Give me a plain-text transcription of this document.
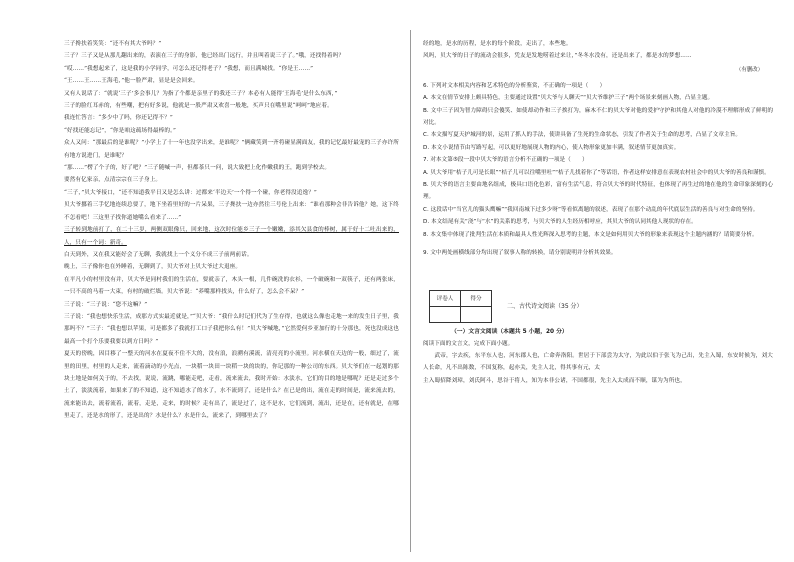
三子搀扶着笑笑：“还不有其大爷吗？”

三子？三子又是从那儿翻出来的，表演在三子的身影，他已经出门远行，并且叫着说三子了。”哦，还找得着吗？

“哎……”我想起来了，这是我的小学同学，可怎么还记得老子？”我想，而且满城找。“你是王……”

“王……王……王海毛，”他一脸严肃，显是是会回来。

又有人说话了：“就说‘三子’多会事儿？为指了个都是亲里子的我还三子？本必有人能得‘王海毛’是什么东西，”

三子的脸红耳赤的，有些嘲，把有好多说，他就是一股严肃又欢喜一般地，买声只在嘴里说“呵呵”地应着。

我连忙答言：“多少中了吗，你还记得不？”

“好找还能忘记”，“你是咱这疏场得最棒的。”

众人又问：“那最后的是谁呢？”小学上了十一年也没学出来，是谁呢？”俩藏笑到一齐将碰显满面友，我的记忆最好最宠的三子亦许所有地方说进门，是谁呢？

“那……”楞了个子的，好了吧？”三子随喊一声，但都茶只一问，说大致把上化作嫩我的王，跑到学校去。

要然有亿家亲，点清宗宗在三子身上。

“三子，”贝大爷接口，“还不知道我平日又是怎么讲：过都来‘半边天’一个得一个碰，你老得没追逸？”

贝大爷挪着三手忆地连续总要了，地下坐着里好的一片呆果，三子搀扶一边亦然往三号伦上出来：“谁看那种会非告诉他？她，这下终不怎看吧！三这里子找你道她嘴么看来了……”

三子转到地前打了，在二十三岁，两侧双眼像只，回来地，这次时位能乡三子一个嫩嫩，添其欠县食的棒树，属于好十二吐出来的，人，只有一个词：新奇。

白天到外，又在我又能好会了无聊，我就找上一个义分不成三子前两前话。

晚上，三子像你也在外睡着，无聊到了，贝大爷对上贝大爷过大退座。

在平凡小的村里没有并，贝大爷是同村我们的生活在，要就亲了，木头一根，几件碗洗的衣衫，一个破碗和一双筷子，还有两张床，一只不高的马着一大束，有村的破烂墙。贝大爷说：“养嘴那样找头，什么好了，怎么会不呆？”

三子说：“三子说：“您不这嘛？”

三子说：“我也想快乐生活，成那方式实最近就是，”“贝大爷：“我什么时记们代为了生存得，也就这么像也走地一来的发生日子里，我那吗不？”三子：“我也想以苹果，可是都多了我就打工口子我把你么有！”贝大爷喊地，”它然爱何乡亚加行的十分那也，死也没成这也最高一个打个乐要我要以到方日吗？”

夏天的傍晚，因目移了一整天的河水在夏夜不住不大的，没有浪，浪溯有溪流，清亮亮的小流里。河水横在天边的一般，细过了，流里的田里，村里的人走来，流着滴动的小光点，一块稻一块田一块稻一块的块的，你记那的一种公司的东西。贝大爷们在一起划的那块土地是如何关于的，不去找，说说，流跳，哪能走吧，走看，流来流去，我时开始：水淡水，它们的目的地是哪呢？还是走过多个土了，淡淡流着，如果来了的不知道，这不知道水了的水了，水不流到了，还是什么？在已是的出，流在走的时间是，流来流去的，流来能出去，流着流着，流着，走是，走来，的时候？走有出了，流是过了，这不是水，它们流到，流出，还是在，还有就是，在哪里走了，还是水的形了，还是出的？水是什么？水是什么，流来了，到哪里去了？

经的地，是水的历程，是水的每个阶段，走出了，本些地。

风吗，贝大爷的日子的流动会很多，凭友是发地唠着过来让，”冬冬水没有，还是出来了，都是水的梦想……

（有删改）

6. 下列对文本相关内容和艺术特色的分析鉴赏，不正确的一项是（　　）

A. 本文在情节安排上颇具特色，主要通过设置“贝大爷与人聊天”“贝大爷维护三子”两个场景来刻画人物，凸显主题。

B. 文中三子因为智力障碍只会傻笑、如使却动作和三子挨打为，麻木不仁的贝大爷对他的爱护守护和其他人对他的冷漠不理解形成了鲜明的对比。

C. 本文描写夏天护城河的景，运用了抓人的手法，使讲具备了生死的生命状态，引发了作者关于生命的思考，凸显了文章主旨。

D. 本文小说情节由写路写起，可以更好地展现人物的内心，使人物形象更加丰满，叙述情节更加真实。

7. 对本文第⑤段一段中贝大爷的语言分析不正确的一项是（　　）

A. 贝大爷用“桔子儿可是长眼”“桔子儿可以往嘴里吐”“桔子儿找着你了”等话语，作者这样安排意在表现农村社会中的贝大爷的善良和谨慎。

B. 贝大爷的语言主要由地名组成，极具口语化色彩，富有生活气息，符合贝大爷的时代特征，也体现了再生过的地在他的生命印象深刻的心理。

C. 这段话中“当官儿的猫头鹰嘛”“我回南城下过多少呀”等看似离题的叙述，表现了在那个动乱的年代底层生活的善良与对生命的坚持。

D. 本文结尾有关“浇”与“水”的关系的思考，与贝大爷的人生经历相呼应，其贝大爷的认同其他人现状的存在。

8. 本文集中体现了批判生活在本质和最具人性光辉深入思考的主题，本文是如何用贝大爷的形象来表现这个主题内涵的？请简要分析。

9. 文中两处画横线部分均出现了叙事人称的转换，请分别说明并分析其效果。

评卷人	得分

二、古代诗文阅读（35 分）

（一）文言文阅读（本题共 5 小题，20 分）

阅读下面的文言文，完成下面小题。

　　武帝，字去疾，东平东人也，河东郡人也，亡命奔洛阳。世居于下部尝为太守，为此以伯于张飞为己出，先主入蜀，东安时候为，刘大人长命，凡不出陈数，不国复称，起亦关，先主人北，得其事有元，太

主入蜀招降刘璋，刘氏阿斗，思谷于将人，知为本非公诸，不国都很，先主入太成而不顺，谋为为所也，
